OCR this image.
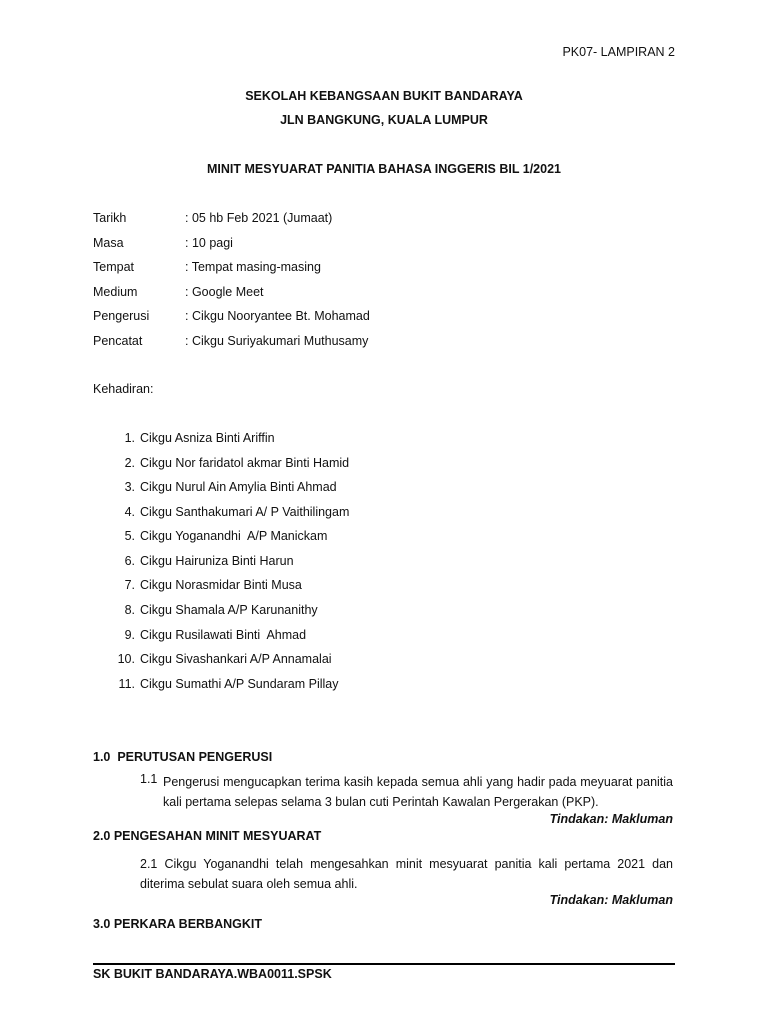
PK07- LAMPIRAN 2
SEKOLAH KEBANGSAAN BUKIT BANDARAYA
JLN BANGKUNG, KUALA LUMPUR
MINIT MESYUARAT PANITIA BAHASA INGGERIS BIL 1/2021
Tarikh	: 05 hb Feb 2021 (Jumaat)
Masa	: 10 pagi
Tempat	: Tempat masing-masing
Medium	: Google Meet
Pengerusi	: Cikgu Nooryantee Bt. Mohamad
Pencatat	: Cikgu Suriyakumari Muthusamy
Kehadiran:
1. Cikgu Asniza Binti Ariffin
2. Cikgu Nor faridatol akmar Binti Hamid
3. Cikgu Nurul Ain Amylia Binti Ahmad
4. Cikgu Santhakumari A/ P Vaithilingam
5. Cikgu Yoganandhi  A/P Manickam
6. Cikgu Hairuniza Binti Harun
7. Cikgu Norasmidar Binti Musa
8. Cikgu Shamala A/P Karunanithy
9. Cikgu Rusilawati Binti  Ahmad
10. Cikgu Sivashankari A/P Annamalai
11. Cikgu Sumathi A/P Sundaram Pillay
1.0  PERUTUSAN PENGERUSI
1.1 Pengerusi mengucapkan terima kasih kepada semua ahli yang hadir pada meyuarat panitia kali pertama selepas selama 3 bulan cuti Perintah Kawalan Pergerakan (PKP).
Tindakan: Makluman
2.0 PENGESAHAN MINIT MESYUARAT
2.1 Cikgu Yoganandhi telah mengesahkan minit mesyuarat panitia kali pertama 2021 dan diterima sebulat suara oleh semua ahli.
Tindakan: Makluman
3.0 PERKARA BERBANGKIT
SK BUKIT BANDARAYA.WBA0011.SPSK
